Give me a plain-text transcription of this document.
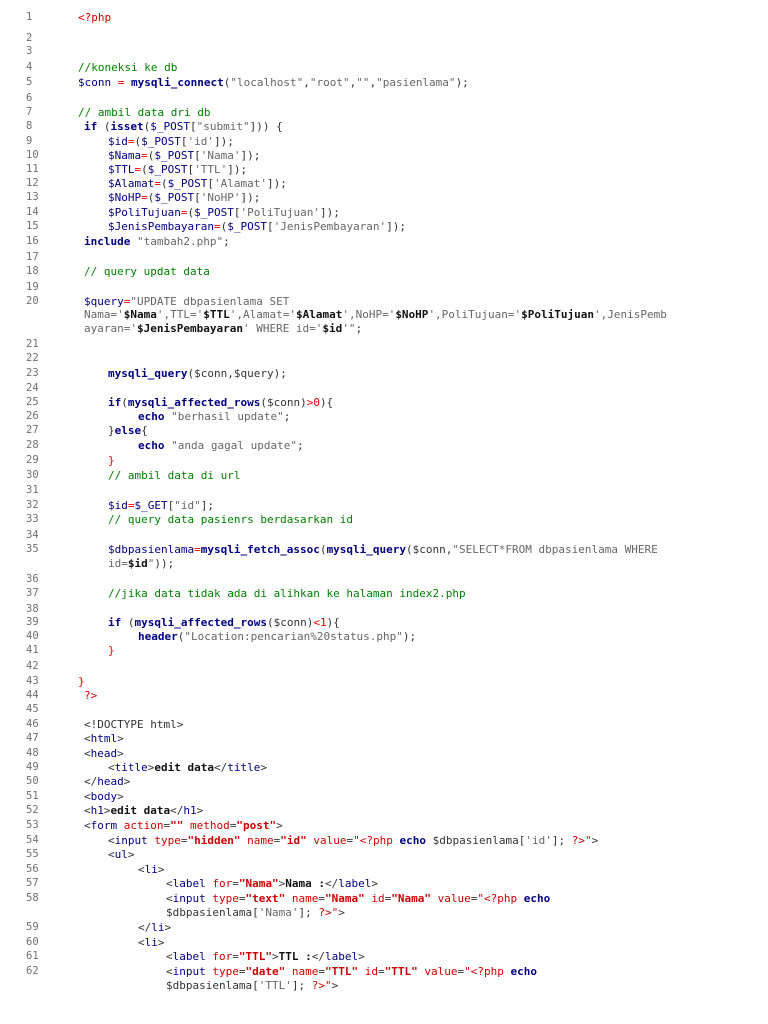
1	<?php
2
3
4	//koneksi ke db
5	$conn = mysqli_connect("localhost","root","","pasienlama");
6
7	// ambil data dri db
8	if (isset($_POST["submit"])) {
9	$id=($_POST['id']);
10	$Nama=($_POST['Nama']);
11	$TTL=($_POST['TTL']);
12	$Alamat=($_POST['Alamat']);
13	$NoHP=($_POST['NoHP']);
14	$PoliTujuan=($_POST['PoliTujuan']);
15	$JenisPembayaran=($_POST['JenisPembayaran']);
16	include "tambah2.php";
17
18	// query updat data
19
20	$query="UPDATE dbpasienlama SET
Nama='$Nama',TTL='$TTL',Alamat='$Alamat',NoHP='$NoHP',PoliTujuan='$PoliTujuan',JenisPemb
ayaran='$JenisPembayaran' WHERE id='$id'";
21
22
23	mysqli_query($conn,$query);
24
25	if(mysqli_affected_rows($conn)>0){
26	echo "berhasil update";
27	}else{
28	echo "anda gagal update";
29	}
30	// ambil data di url
31
32	$id=$_GET["id"];
33	// query data pasienrs berdasarkan id
34
35	$dbpasienlama=mysqli_fetch_assoc(mysqli_query($conn,"SELECT*FROM dbpasienlama WHERE
id=$id"));
36
37	//jika data tidak ada di alihkan ke halaman index2.php
38
39	if (mysqli_affected_rows($conn)<1){
40	header("Location:pencarian%20status.php");
41	}
42
43	}
44	?>
45
46	<!DOCTYPE html>
47	<html>
48	<head>
49	<title>edit data</title>
50	</head>
51	<body>
52	<h1>edit data</h1>
53	<form action="" method="post">
54	<input type="hidden" name="id" value="<?php echo $dbpasienlama['id']; ?>">
55	<ul>
56	<li>
57	<label for="Nama">Nama :</label>
58	<input type="text" name="Nama" id="Nama" value="<?php echo
$dbpasienlama['Nama']; ?>">
59	</li>
60	<li>
61	<label for="TTL">TTL :</label>
62	<input type="date" name="TTL" id="TTL" value="<?php echo
$dbpasienlama['TTL']; ?>">
